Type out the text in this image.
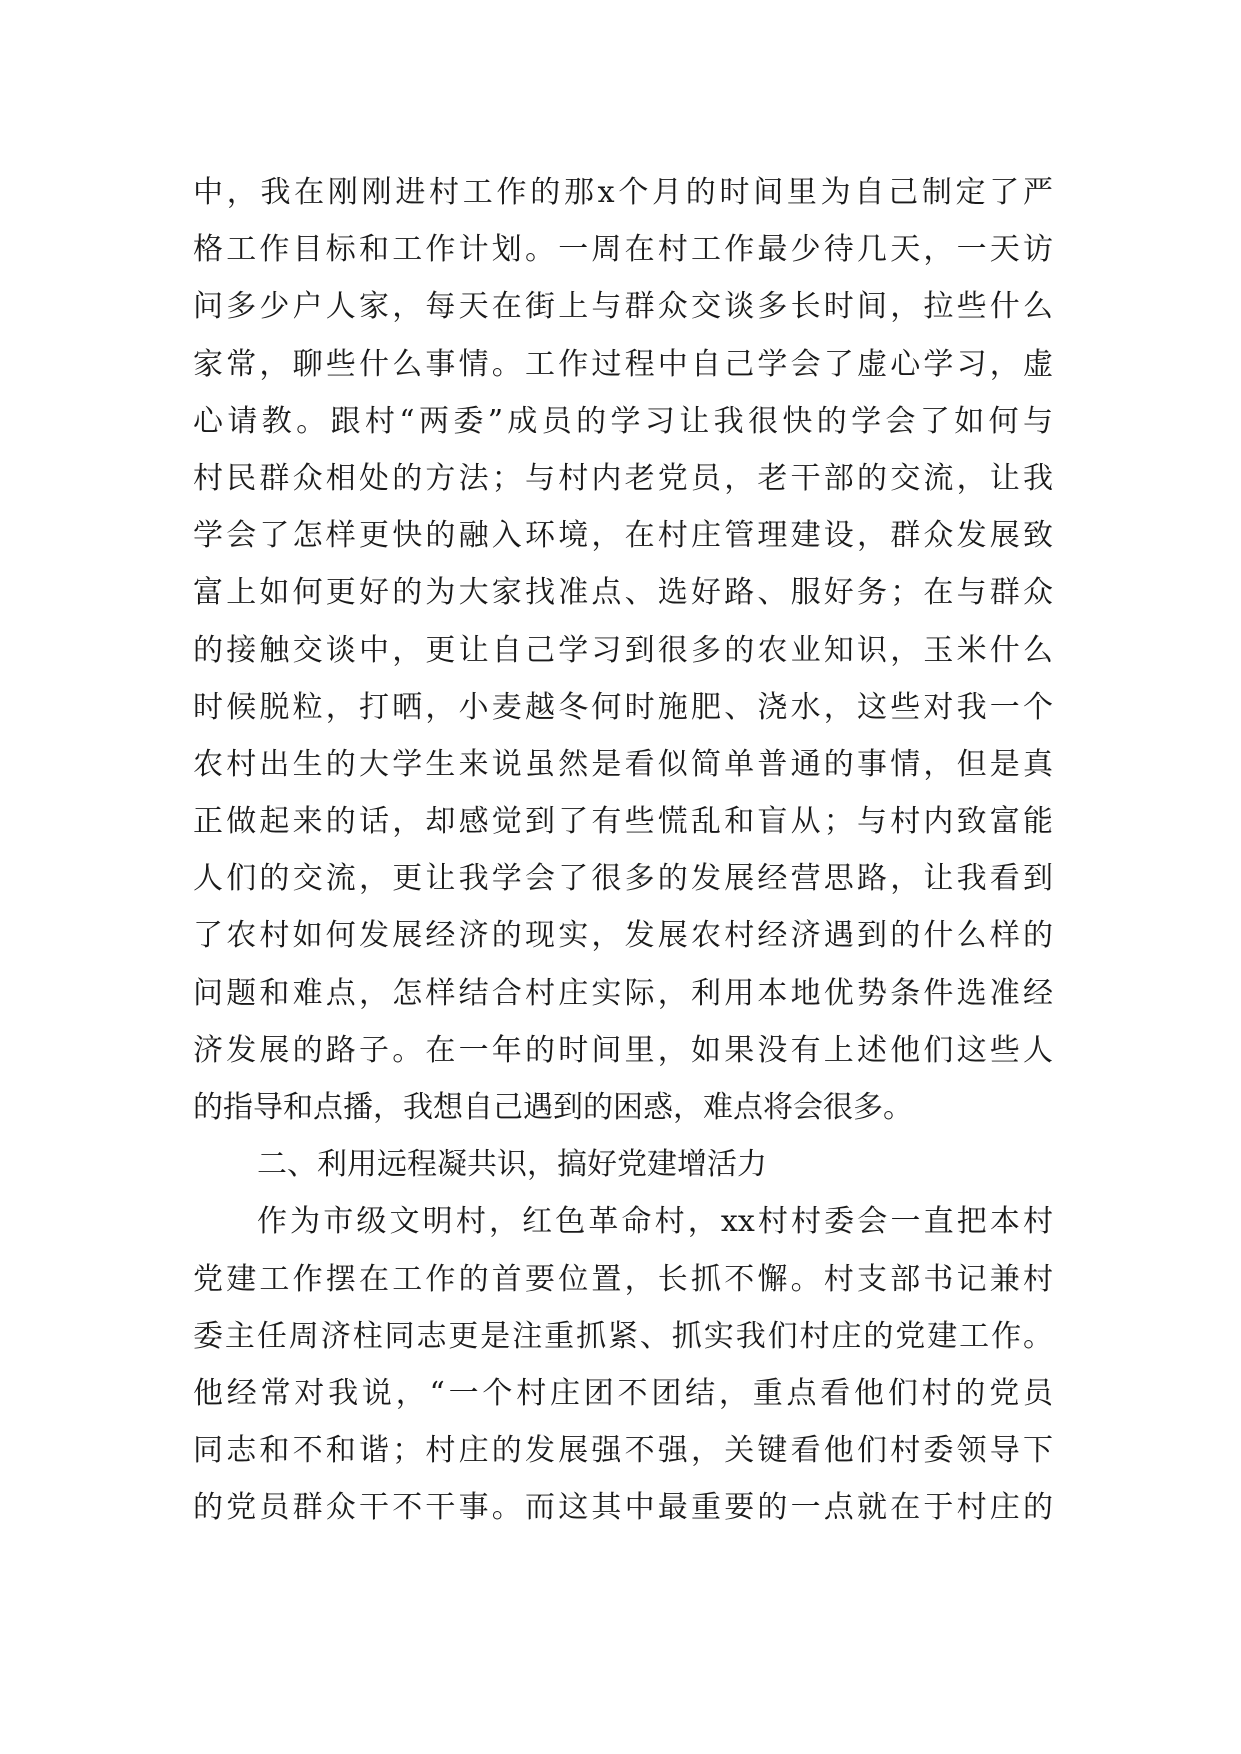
中，我在刚刚进村工作的那x个月的时间里为自己制定了严
格工作目标和工作计划。一周在村工作最少待几天，一天访
问多少户人家，每天在街上与群众交谈多长时间，拉些什么
家常，聊些什么事情。工作过程中自己学会了虚心学习，虚
心请教。跟村“两委”成员的学习让我很快的学会了如何与
村民群众相处的方法；与村内老党员，老干部的交流，让我
学会了怎样更快的融入环境，在村庄管理建设，群众发展致
富上如何更好的为大家找准点、选好路、服好务；在与群众
的接触交谈中，更让自己学习到很多的农业知识，玉米什么
时候脱粒，打晒，小麦越冬何时施肥、浇水，这些对我一个
农村出生的大学生来说虽然是看似简单普通的事情，但是真
正做起来的话，却感觉到了有些慌乱和盲从；与村内致富能
人们的交流，更让我学会了很多的发展经营思路，让我看到
了农村如何发展经济的现实，发展农村经济遇到的什么样的
问题和难点，怎样结合村庄实际，利用本地优势条件选准经
济发展的路子。在一年的时间里，如果没有上述他们这些人
的指导和点播，我想自己遇到的困惑，难点将会很多。
二、利用远程凝共识，搞好党建增活力
作为市级文明村，红色革命村，xx村村委会一直把本村
党建工作摆在工作的首要位置，长抓不懈。村支部书记兼村
委主任周济柱同志更是注重抓紧、抓实我们村庄的党建工作。
他经常对我说，“一个村庄团不团结，重点看他们村的党员
同志和不和谐；村庄的发展强不强，关键看他们村委领导下
的党员群众干不干事。而这其中最重要的一点就在于村庄的
